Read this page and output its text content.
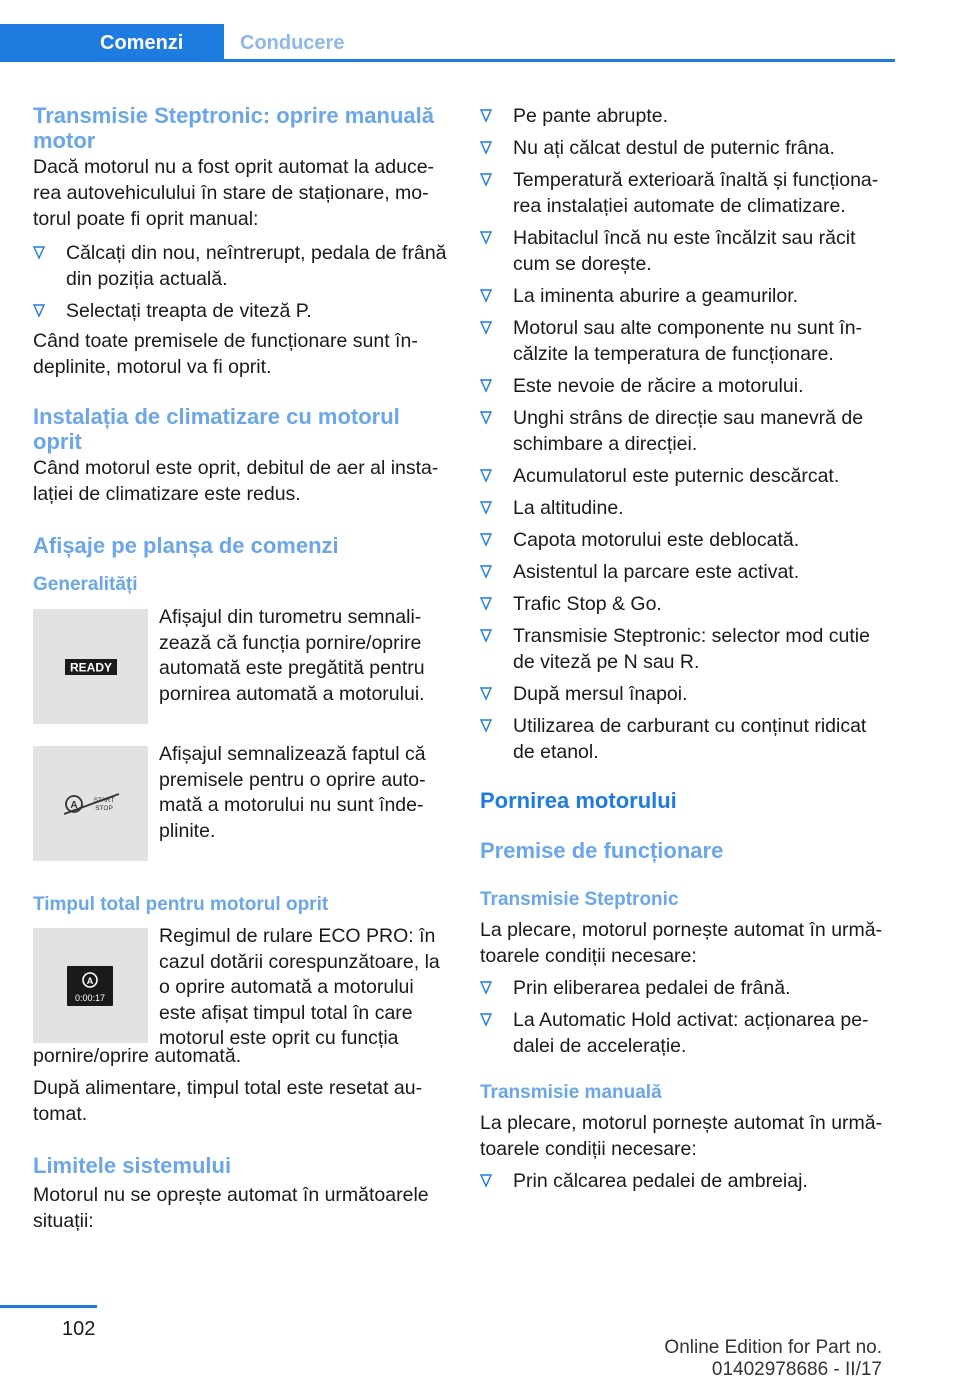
Comenzi	Conducere
Transmisie Steptronic: oprire manuală motor
Dacă motorul nu a fost oprit automat la aduce-rea autovehiculului în stare de staționare, mo-torul poate fi oprit manual:
Călcați din nou, neîntrerupt, pedala de frână din poziția actuală.
Selectați treapta de viteză P.
Când toate premisele de funcționare sunt în-deplinite, motorul va fi oprit.
Instalația de climatizare cu motorul oprit
Când motorul este oprit, debitul de aer al insta-lației de climatizare este redus.
Afișaje pe planșa de comenzi
Generalități
READY
Afișajul din turometru semnali-zează că funcția pornire/oprire automată este pregătită pentru pornirea automată a motorului.
A START
STOP
Afișajul semnalizează faptul că premisele pentru o oprire auto-mată a motorului nu sunt înde-plinite.
Timpul total pentru motorul oprit
A
0:00:17
Regimul de rulare ECO PRO: în cazul dotării corespunzătoare, la o oprire automată a motorului este afișat timpul total în care motorul este oprit cu funcția
pornire/oprire automată.
După alimentare, timpul total este resetat au-tomat.
Limitele sistemului
Motorul nu se oprește automat în următoarele situații:
Pe pante abrupte.
Nu ați călcat destul de puternic frâna.
Temperatură exterioară înaltă și funcționa-rea instalației automate de climatizare.
Habitaclul încă nu este încălzit sau răcit cum se dorește.
La iminenta aburire a geamurilor.
Motorul sau alte componente nu sunt în-călzite la temperatura de funcționare.
Este nevoie de răcire a motorului.
Unghi strâns de direcție sau manevră de schimbare a direcției.
Acumulatorul este puternic descărcat.
La altitudine.
Capota motorului este deblocată.
Asistentul la parcare este activat.
Trafic Stop & Go.
Transmisie Steptronic: selector mod cutie de viteză pe N sau R.
După mersul înapoi.
Utilizarea de carburant cu conținut ridicat de etanol.
Pornirea motorului
Premise de funcționare
Transmisie Steptronic
La plecare, motorul pornește automat în urmă-toarele condiții necesare:
Prin eliberarea pedalei de frână.
La Automatic Hold activat: acționarea pe-dalei de accelerație.
Transmisie manuală
La plecare, motorul pornește automat în urmă-toarele condiții necesare:
Prin călcarea pedalei de ambreiaj.
102
Online Edition for Part no. 01402978686 - II/17
